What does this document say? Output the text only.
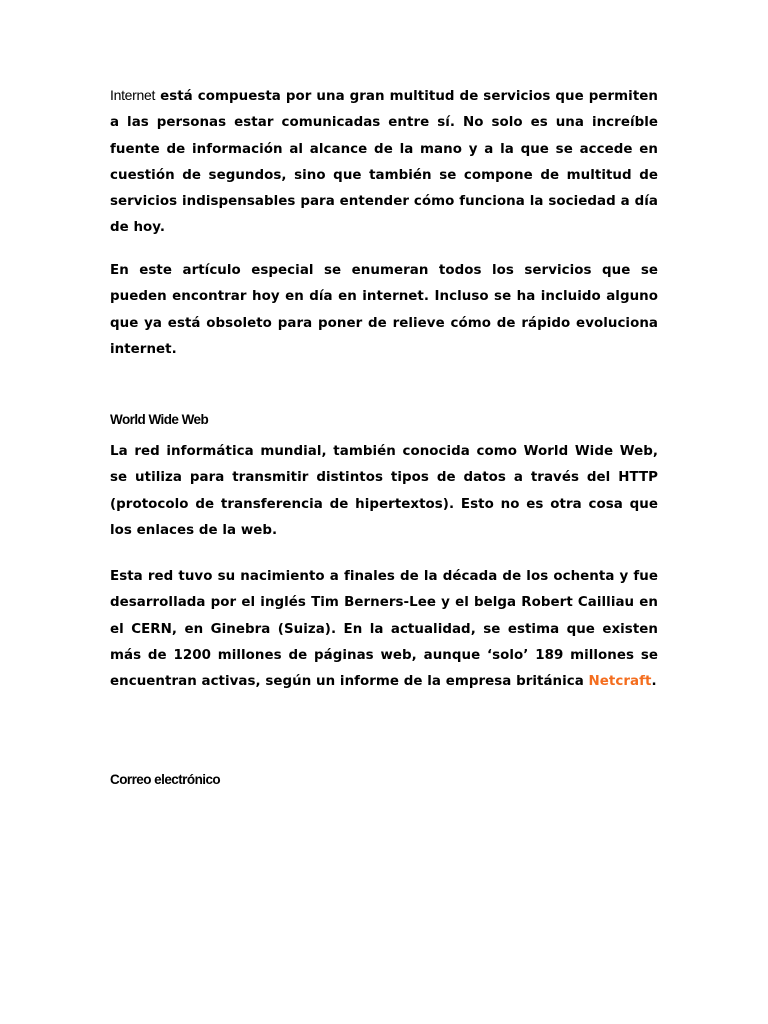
Internet está compuesta por una gran multitud de servicios que permiten a las personas estar comunicadas entre sí. No solo es una increíble fuente de información al alcance de la mano y a la que se accede en cuestión de segundos, sino que también se compone de multitud de servicios indispensables para entender cómo funciona la sociedad a día de hoy.

En este artículo especial se enumeran todos los servicios que se pueden encontrar hoy en día en internet. Incluso se ha incluido alguno que ya está obsoleto para poner de relieve cómo de rápido evoluciona internet.

World Wide Web

La red informática mundial, también conocida como World Wide Web, se utiliza para transmitir distintos tipos de datos a través del HTTP (protocolo de transferencia de hipertextos). Esto no es otra cosa que los enlaces de la web.

Esta red tuvo su nacimiento a finales de la década de los ochenta y fue desarrollada por el inglés Tim Berners-Lee y el belga Robert Cailliau en el CERN, en Ginebra (Suiza). En la actualidad, se estima que existen más de 1200 millones de páginas web, aunque ‘solo’ 189 millones se encuentran activas, según un informe de la empresa británica Netcraft.

Correo electrónico
